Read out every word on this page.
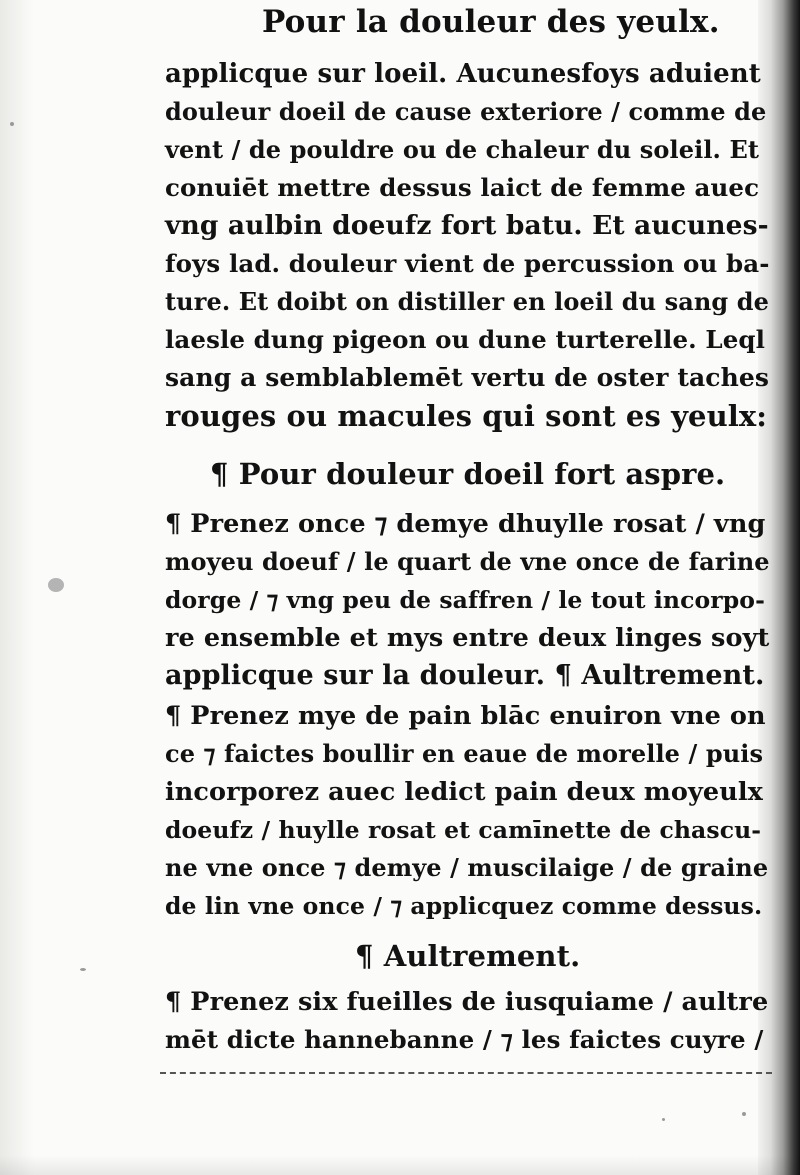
Pour la douleur des yeulx.
applicque sur loeil. Aucunesfoys aduient
douleur doeil de cause exteriore / comme de
vent / de pouldre ou de chaleur du soleil. Et
conuiēt mettre dessus laict de femme auec
vng aulbin doeufz fort batu. Et aucunes-
foys lad. douleur vient de percussion ou ba-
ture. Et doibt on distiller en loeil du sang de
laesle dung pigeon ou dune turterelle. Leql
sang a semblablemēt vertu de oster taches
rouges ou macules qui sont es yeulx:
¶ Pour douleur doeil fort aspre.
¶ Prenez once ⁊ demye dhuylle rosat / vng
moyeu doeuf / le quart de vne once de farine
dorge / ⁊ vng peu de saffren / le tout incorpo-
re ensemble et mys entre deux linges soyt
applicque sur la douleur. ¶ Aultrement.
¶ Prenez mye de pain blāc enuiron vne on
ce ⁊ faictes boullir en eaue de morelle / puis
incorporez auec ledict pain deux moyeulx
doeufz / huylle rosat et camīnette de chascu-
ne vne once ⁊ demye / muscilaige / de graine
de lin vne once / ⁊ applicquez comme dessus.
¶ Aultrement.
¶ Prenez six fueilles de iusquiame / aultre
mēt dicte hannebanne / ⁊ les faictes cuyre /
